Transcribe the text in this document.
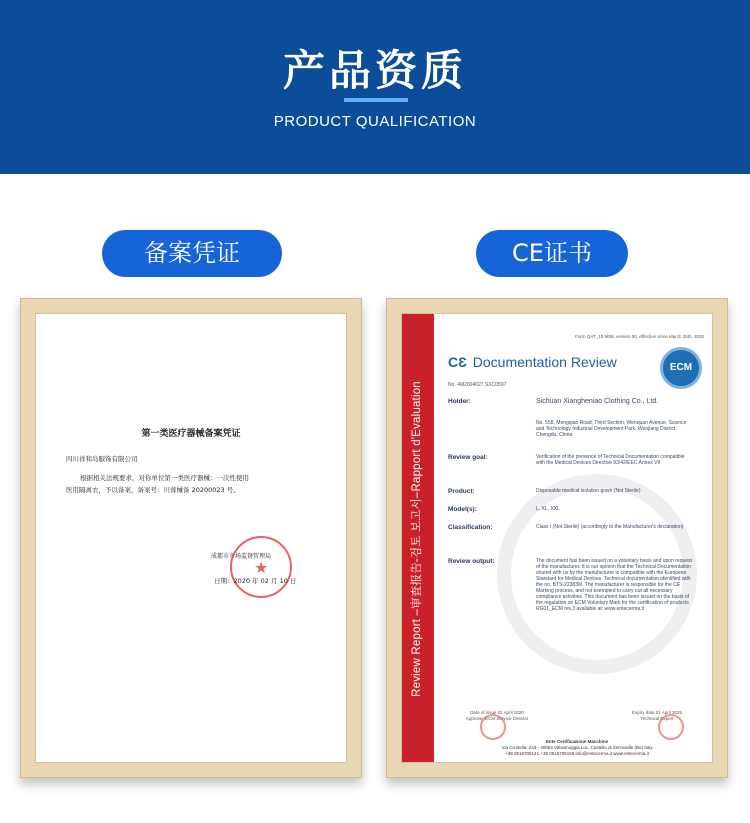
产品资质
PRODUCT QUALIFICATION
备案凭证	CE证书
第一类医疗器械备案凭证
四川祥和岛服饰有限公司
根据相关法规要求，对你单位第一类医疗器械：一次性使用
医用隔离衣，予以备案，备案号：川蓉械备 20200023 号。
成都市市场监督管理局
★
日期：2020 年 02 月 10 日	Review Report –审査报告-검토 보고서–Rapport d'Evaluation
Form QAT_10-M06, version 00, effective since March 25th, 2020
CƐ Documentation Review	ECM
No. 4M2004027.SXC0597
Holder:	Sichuan Xiangheniao Clothing Co., Ltd.
No. 558, Mengqiao Road, Third Section, Wenquan Avenue, Science and Technology Industrial Development Park, Wenjiang District, Chengdu, China
Review goal:	Verification of the presence of Technical Documentation compatible with the Medical Devices Directive 93/42/EEC Annex VII
Product:	Disposable medical isolation gown (Not Sterile)
Model(s):	L, XL, XXL
Classification:	Class I (Not Sterile) (accordingly to the Manufacturer's declaration)
Review output:	The document has been issued on a voluntary basis and upon request of the manufacturer. It is our opinion that the Technical Documentation shared with us by the manufacturer is compatible with the European Standard for Medical Devices. Technical documentation identified with the no. BTS-22383M. The manufacturer is responsible for the CE Marking process, and not exempted to carry out all necessary compliance activities. This document has been issued on the basis of the regulation on ECM Voluntary Mark for the certification of products RG01_ECM rev.3 available at: www.entecerma.it
Date of issue 02 April 2020
Approver ECM Service Director
Expiry date 01 April 2025
Technical Expert
Ente Certificazione Macchine
Via Ca Bella, 243 - 40053 Valsamoggia Loc. Castello di Serravalle (Bo) Italy
+39 0516705141 +39 0516705156 info@entecerma.it www.entecerma.it
